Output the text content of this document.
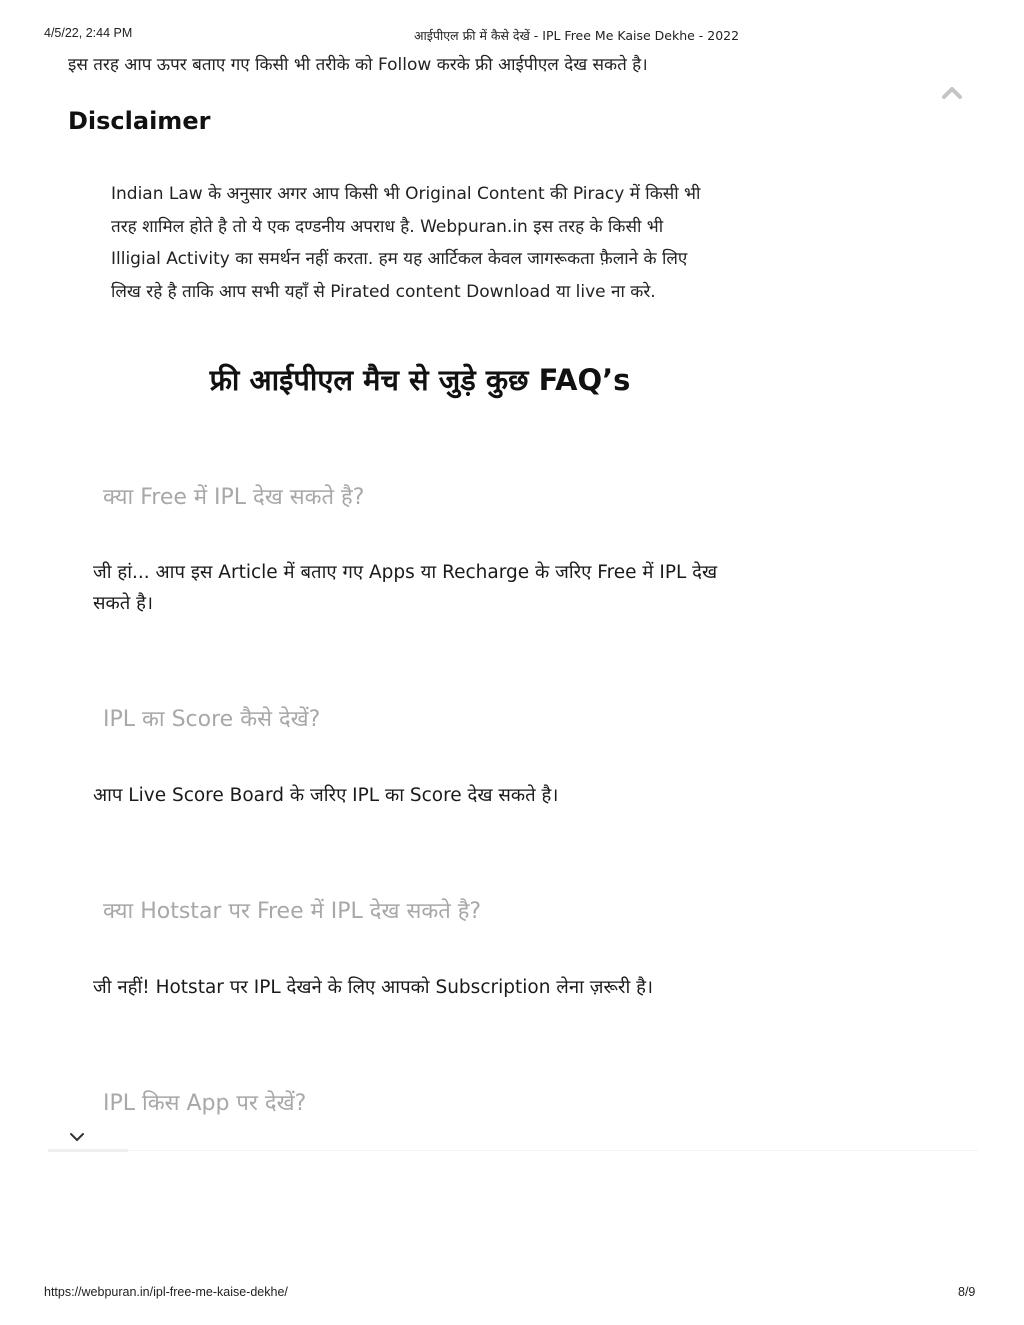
4/5/22, 2:44 PM	आईपीएल फ्री में कैसे देखें - IPL Free Me Kaise Dekhe - 2022

इस तरह आप ऊपर बताए गए किसी भी तरीके को Follow करके फ्री आईपीएल देख सकते है।

Disclaimer
Indian Law के अनुसार अगर आप किसी भी Original Content की Piracy में किसी भी
तरह शामिल होते है तो ये एक दण्डनीय अपराध है. Webpuran.in इस तरह के किसी भी
Illigial Activity का समर्थन नहीं करता. हम यह आर्टिकल केवल जागरूकता फ़ैलाने के लिए
लिख रहे है ताकि आप सभी यहाँ से Pirated content Download या live ना करे.
फ्री आईपीएल मैच से जुड़े कुछ FAQ’s
क्या Free में IPL देख सकते है?
जी हां... आप इस Article में बताए गए Apps या Recharge के जरिए Free में IPL देख
सकते है।
IPL का Score कैसे देखें?
आप Live Score Board के जरिए IPL का Score देख सकते है।
क्या Hotstar पर Free में IPL देख सकते है?
जी नहीं! Hotstar पर IPL देखने के लिए आपको Subscription लेना ज़रूरी है।
IPL किस App पर देखें?
https://webpuran.in/ipl-free-me-kaise-dekhe/	8/9
